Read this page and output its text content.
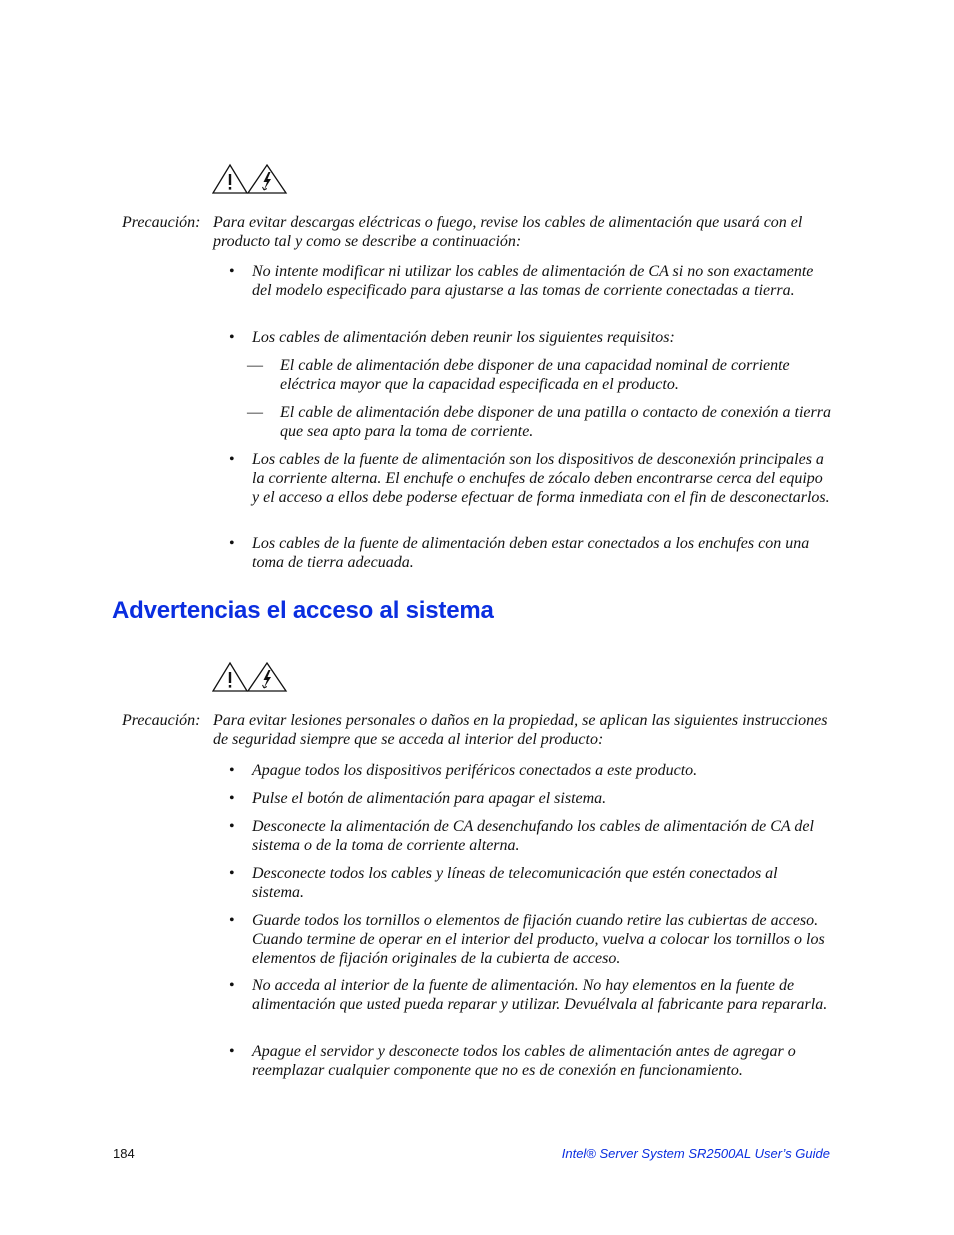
Precaución: Para evitar descargas eléctricas o fuego, revise los cables de alimentación que usará con el producto tal y como se describe a continuación:
• No intente modificar ni utilizar los cables de alimentación de CA si no son exactamente del modelo especificado para ajustarse a las tomas de corriente conectadas a tierra.
• Los cables de alimentación deben reunir los siguientes requisitos:
— El cable de alimentación debe disponer de una capacidad nominal de corriente eléctrica mayor que la capacidad especificada en el producto.
— El cable de alimentación debe disponer de una patilla o contacto de conexión a tierra que sea apto para la toma de corriente.
• Los cables de la fuente de alimentación son los dispositivos de desconexión principales a la corriente alterna. El enchufe o enchufes de zócalo deben encontrarse cerca del equipo y el acceso a ellos debe poderse efectuar de forma inmediata con el fin de desconectarlos.
• Los cables de la fuente de alimentación deben estar conectados a los enchufes con una toma de tierra adecuada.
Advertencias el acceso al sistema
Precaución: Para evitar lesiones personales o daños en la propiedad, se aplican las siguientes instrucciones de seguridad siempre que se acceda al interior del producto:
• Apague todos los dispositivos periféricos conectados a este producto.
• Pulse el botón de alimentación para apagar el sistema.
• Desconecte la alimentación de CA desenchufando los cables de alimentación de CA del sistema o de la toma de corriente alterna.
• Desconecte todos los cables y líneas de telecomunicación que estén conectados al sistema.
• Guarde todos los tornillos o elementos de fijación cuando retire las cubiertas de acceso. Cuando termine de operar en el interior del producto, vuelva a colocar los tornillos o los elementos de fijación originales de la cubierta de acceso.
• No acceda al interior de la fuente de alimentación. No hay elementos en la fuente de alimentación que usted pueda reparar y utilizar. Devuélvala al fabricante para repararla.
• Apague el servidor y desconecte todos los cables de alimentación antes de agregar o reemplazar cualquier componente que no es de conexión en funcionamiento.
184	Intel® Server System SR2500AL User’s Guide
